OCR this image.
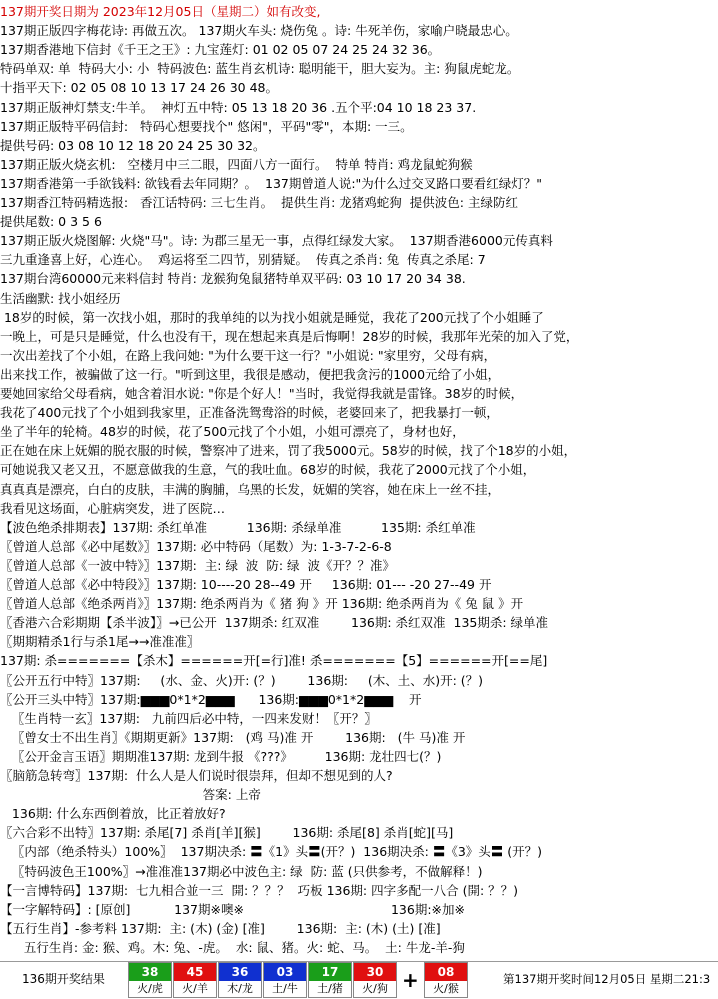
137期开奖日期为 2023年12月05日（星期二）如有改变,
137期正版四字梅花诗: 再做五次。 137期火车头: 烧伤兔 。诗: 牛死羊伤，家喻户晓最忠心。
137期香港地下信封《千王之王》: 九宝莲灯: 01 02 05 07 24 25 24 32 36。
特码单双: 单  特码大小: 小  特码波色: 蓝生肖玄机诗: 聪明能干，胆大妄为。主: 狗鼠虎蛇龙。
十指平天下: 02 05 08 10 13 17 24 26 30 48。
137期正版神灯禁支:牛羊。  神灯五中特: 05 13 18 20 36 .五个平:04 10 18 23 37.
137期正版特平码信封:   特码心想要找个" 悠闲"，平码"零"，本期: 一三。
提供号码: 03 08 10 12 18 20 24 25 30 32。
137期正版火烧玄机:   空楼月中三二眼，四面八方一面行。  特单 特肖: 鸡龙鼠蛇狗猴
137期香港第一手欲钱料: 欲钱看去年同期？。  137期曾道人说:"为什么过交叉路口要看红绿灯？"
137期香江特码精选报:   香江话特码: 三七生肖。  提供生肖: 龙猪鸡蛇狗  提供波色: 主绿防红
提供尾数: 0 3 5 6
137期正版火烧图解: 火烧"马"。诗: 为郡三星无一事，点得红绿发大家。  137期香港6000元传真料
三九重逢喜上好，心连心。  鸡运将至二四节，别猜疑。  传真之杀肖: 兔  传真之杀尾: 7
137期台湾60000元来料信封 特肖: 龙猴狗兔鼠猪特单双平码: 03 10 17 20 34 38.
生活幽默: 找小姐经历
18岁的时候，第一次找小姐，那时的我单纯的以为找小姐就是睡觉，我花了200元找了个小姐睡了
一晚上，可是只是睡觉，什么也没有干，现在想起来真是后悔啊！28岁的时候，我那年光荣的加入了党，
一次出差找了个小姐，在路上我问她: "为什么要干这一行？"小姐说: "家里穷，父母有病，
出来找工作，被骗做了这一行。"听到这里，我很是感动，便把我贪污的1000元给了小姐，
要她回家给父母看病，她含着泪水说: "你是个好人！"当时，我觉得我就是雷锋。38岁的时候，
我花了400元找了个小姐到我家里，正准备洗鸳鸯浴的时候，老婆回来了，把我暴打一顿，
坐了半年的轮椅。48岁的时候，花了500元找了个小姐，小姐可漂亮了，身材也好，
正在她在床上妩媚的脱衣服的时候，警察冲了进来，罚了我5000元。58岁的时候，找了个18岁的小姐，
可她说我又老又丑，不愿意做我的生意，气的我吐血。68岁的时候，我花了2000元找了个小姐，
真真真是漂亮，白白的皮肤，丰满的胸脯，乌黑的长发，妩媚的笑容，她在床上一丝不挂，
我看见这场面，心脏病突发，进了医院…
【波色绝杀排期表】137期: 杀红单准          136期: 杀绿单准          135期: 杀红单准
〖曾道人总部《必中尾数》〗137期: 必中特码（尾数）为: 1-3-7-2-6-8
〖曾道人总部《一波中特》〗137期:  主: 绿  波  防: 绿  波《开？？准》
〖曾道人总部《必中特段》〗137期: 10----20 28--49 开     136期: 01--- -20 27--49 开
〖曾道人总部《绝杀两肖》〗137期: 绝杀两肖为《 猪 狗 》开 136期: 绝杀两肖为《 兔 鼠 》开
〖香港六合彩期期【杀半波】〗→已公开  137期杀: 红双准        136期: 杀红双准  135期杀: 绿单准
〖期期精杀1行与杀1尾→→准准准〗
137期: 杀=======【杀木】======开[=行]准! 杀=======【5】======开[==尾]
〖公开五行中特〗137期:     (水、金、火)开: (？)        136期:     (木、土、水)开: (？)
〖公开三头中特〗137期:▆▆▆0*1*2▆▆▆      136期:▆▆▆0*1*2▆▆▆    开
〖生肖特一玄〗137期:   九前四后必中特，一四来发财！〖开？〗
〖曾女士不出生肖〗《期期更新》137期:   (鸡 马)准 开        136期:   (牛 马)准 开
〖公开金言玉语〗期期准137期: 龙到牛报 《???》        136期: 龙壮四七(？)
〖脑筋急转弯〗137期:  什么人是人们说时很崇拜，但却不想见到的人?
答案: 上帝
136期: 什么东西倒着放，比正着放好?
〖六合彩不出特〗137期: 杀尾[7] 杀肖[羊][猴]        136期: 杀尾[8] 杀肖[蛇][马]
〖内部（绝杀特头）100%〗  137期决杀: 〓《1》头〓(开？)  136期决杀: 〓《3》头〓 (开？)
〖特码波色王100%〗→准准准137期必中波色主: 绿  防: 蓝 (只供参考，不做解释！)
【一言博特码】137期:  七九相合並一三  開: ？？？  巧板 136期: 四字多配一八合 (開: ？？)
【一字解特码】: [原创]           137期※噢※                                     136期:※加※
【五行生肖】-参考料 137期:  主: (木) (金) [准]        136期:  主: (木) (土) [准]
五行生肖: 金: 猴、鸡。木: 兔、-虎。  水: 鼠、猪。火: 蛇、马。  土: 牛龙-羊-狗
136期开奖结果	38
火/虎
45
火/羊
36
木/龙
03
土/牛
17
土/猪
30
火/狗 +	08
火/猴
第137期开奖时间12月05日 星期二21:3
